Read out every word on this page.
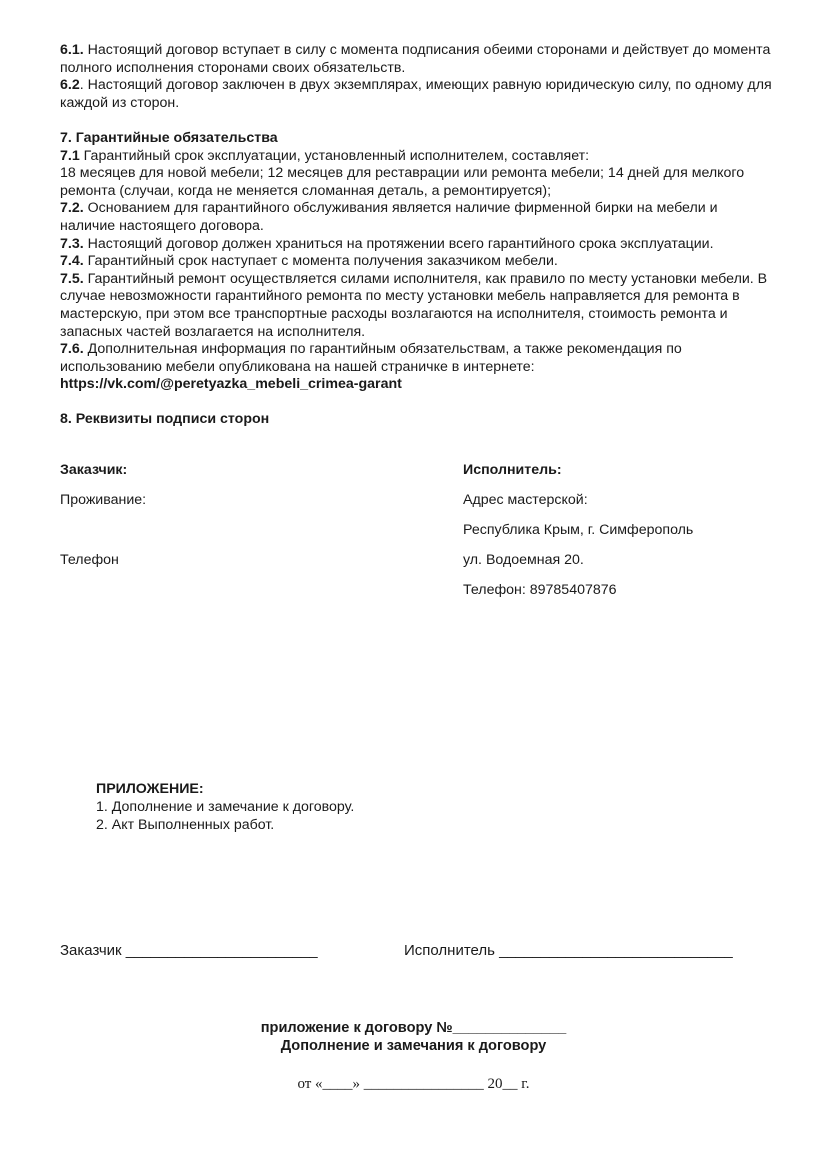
6.1. Настоящий договор вступает в силу с момента подписания обеими сторонами и действует до момента полного исполнения сторонами своих обязательств.

6.2. Настоящий договор заключен в двух экземплярах, имеющих равную юридическую силу, по одному для каждой из сторон.

7. Гарантийные обязательства

7.1 Гарантийный срок эксплуатации, установленный исполнителем, составляет:

18 месяцев для новой мебели; 12 месяцев для реставрации или ремонта мебели; 14 дней для мелкого ремонта (случаи, когда не меняется сломанная деталь, а ремонтируется);

7.2. Основанием для гарантийного обслуживания является наличие фирменной бирки на мебели и наличие настоящего договора.

7.3. Настоящий договор должен храниться на протяжении всего гарантийного срока эксплуатации.

7.4. Гарантийный срок наступает с момента получения заказчиком мебели.

7.5. Гарантийный ремонт осуществляется силами исполнителя, как правило по месту установки мебели. В случае невозможности гарантийного ремонта по месту установки мебель направляется для ремонта в мастерскую, при этом все транспортные расходы возлагаются на исполнителя, стоимость ремонта и запасных частей возлагается на исполнителя.

7.6. Дополнительная информация по гарантийным обязательствам, а также рекомендация по использованию мебели опубликована на нашей страничке в интернете:

https://vk.com/@peretyazka_mebeli_crimea-garant

8. Реквизиты подписи сторон

Заказчик:
Проживание:
Телефон
Исполнитель:
Адрес мастерской:
Республика Крым, г. Симферополь
ул. Водоемная 20.
Телефон: 89785407876
ПРИЛОЖЕНИЕ:
1. Дополнение и замечание к договору.
2. Акт Выполненных работ.
Заказчик _______________________	Исполнитель ____________________________
приложение к договору №______________
Дополнение и замечания к договору
от «____» ________________ 20__ г.
